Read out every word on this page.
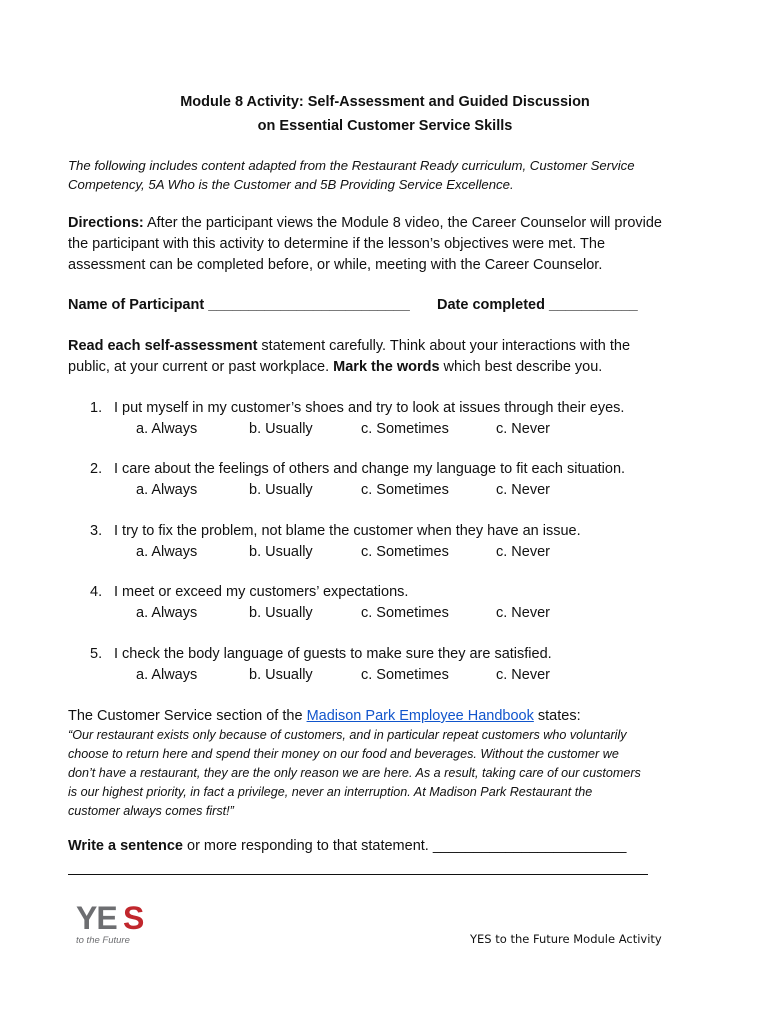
Module 8 Activity: Self-Assessment and Guided Discussion
on Essential Customer Service Skills
The following includes content adapted from the Restaurant Ready curriculum, Customer Service
Competency, 5A Who is the Customer and 5B Providing Service Excellence.
Directions: After the participant views the Module 8 video, the Career Counselor will provide
the participant with this activity to determine if the lesson’s objectives were met. The
assessment can be completed before, or while, meeting with the Career Counselor.
Name of Participant _________________________ Date completed ___________
Read each self-assessment statement carefully. Think about your interactions with the
public, at your current or past workplace. Mark the words which best describe you.
1. I put myself in my customer’s shoes and try to look at issues through their eyes.
a. Always	b. Usually	c. Sometimes	c. Never
2. I care about the feelings of others and change my language to fit each situation.
a. Always	b. Usually	c. Sometimes	c. Never
3. I try to fix the problem, not blame the customer when they have an issue.
a. Always	b. Usually	c. Sometimes	c. Never
4. I meet or exceed my customers’ expectations.
a. Always	b. Usually	c. Sometimes	c. Never
5. I check the body language of guests to make sure they are satisfied.
a. Always	b. Usually	c. Sometimes	c. Never
The Customer Service section of the Madison Park Employee Handbook states:
“Our restaurant exists only because of customers, and in particular repeat customers who voluntarily
choose to return here and spend their money on our food and beverages. Without the customer we
don’t have a restaurant, they are the only reason we are here. As a result, taking care of our customers
is our highest priority, in fact a privilege, never an interruption. At Madison Park Restaurant the
customer always comes first!”
Write a sentence or more responding to that statement. ________________________
YE S
to the Future	YES to the Future Module Activity
